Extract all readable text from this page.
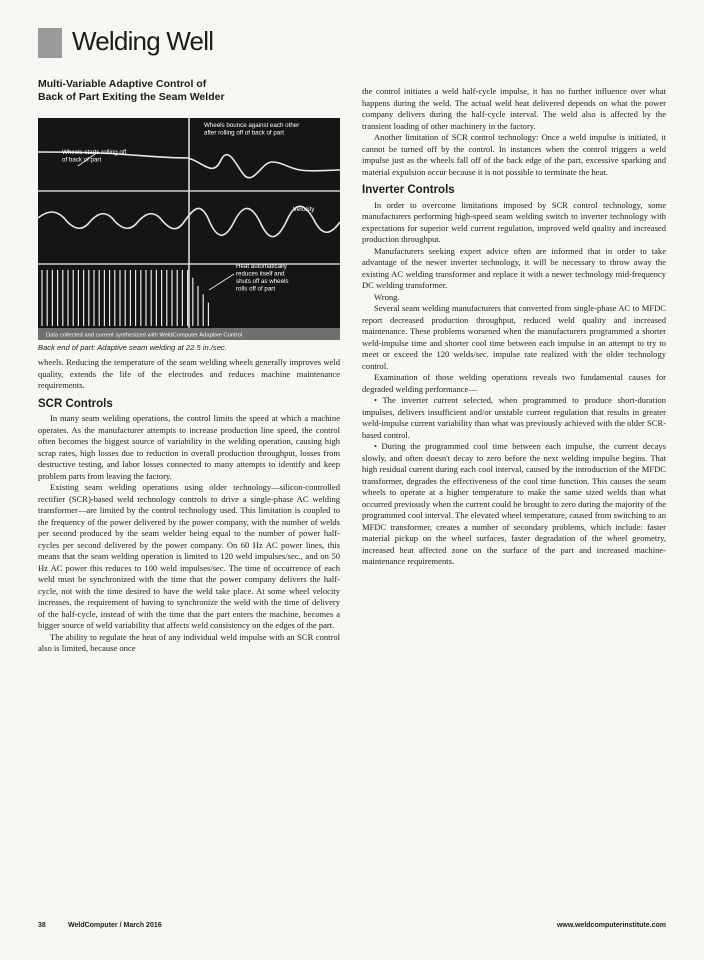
Welding Well
Multi-Variable Adaptive Control of
Back of Part Exiting the Seam Welder
Wheels starts rolling off of back of part
Wheels bounce against each other after rolling off of back of part
Velocity
Heat automatically reduces itself and shuts off as wheels rolls off of part
Data collected and current synthesized with WeldComputer Adaptive Control
Back end of part: Adaptive seam welding at 22.5 in./sec.

wheels. Reducing the temperature of the seam welding wheels generally improves weld quality, extends the life of the electrodes and reduces machine maintenance requirements.

SCR Controls

In many seam welding operations, the control limits the speed at which a machine operates. As the manufacturer attempts to increase production line speed, the control often becomes the biggest source of variability in the welding operation, causing high scrap rates, high losses due to reduction in overall production throughput, losses from destructive testing, and labor losses connected to many attempts to identify and keep problem parts from leaving the factory.

Existing seam welding operations using older technology—silicon-controlled rectifier (SCR)-based weld technology controls to drive a single-phase AC welding transformer—are limited by the control technology used. This limitation is coupled to the frequency of the power delivered by the power company, with the number of welds per second produced by the seam welder being equal to the number of power half-cycles per second delivered by the power company. On 60 Hz AC power lines, this means that the seam welding operation is limited to 120 weld impulses/sec., and on 50 Hz AC power this reduces to 100 weld impulses/sec. The time of occurrence of each weld must be synchronized with the time that the power company delivers the half-cycle, not with the time desired to have the weld take place. At some wheel velocity increases, the requirement of having to synchronize the weld with the time of delivery of the half-cycle, instead of with the time that the part enters the machine, becomes a bigger source of weld variability that affects weld consistency on the edges of the part.

The ability to regulate the heat of any individual weld impulse with an SCR control also is limited, because once

the control initiates a weld half-cycle impulse, it has no further influence over what happens during the weld. The actual weld heat delivered depends on what the power company delivers during the half-cycle interval. The weld also is affected by the transient loading of other machinery in the factory.

Another limitation of SCR control technology: Once a weld impulse is initiated, it cannot be turned off by the control. In instances when the control triggers a weld impulse just as the wheels fall off of the back edge of the part, excessive sparking and material expulsion occur because it is not possible to terminate the heat.

Inverter Controls

In order to overcome limitations imposed by SCR control technology, some manufacturers performing high-speed seam welding switch to inverter technology with expectations for superior weld current regulation, improved weld quality and increased production throughput.

Manufacturers seeking expert advice often are informed that in order to take advantage of the newer inverter technology, it will be necessary to throw away the existing AC welding transformer and replace it with a newer technology mid-frequency DC welding transformer.

Wrong.

Several seam welding manufacturers that converted from single-phase AC to MFDC report decreased production throughput, reduced weld quality and increased maintenance. These problems worsened when the manufacturers programmed a shorter weld-impulse time and shorter cool time between each impulse in an attempt to try to meet or exceed the 120 welds/sec. impulse rate realized with the older technology control.

Examination of those welding operations reveals two fundamental causes for degraded welding performance—

• The inverter current selected, when programmed to produce short-duration impulses, delivers insufficient and/or unstable current regulation that results in greater weld-impulse current variability than what was previously achieved with the older SCR-based control.

• During the programmed cool time between each impulse, the current decays slowly, and often doesn't decay to zero before the next welding impulse begins. That high residual current during each cool interval, caused by the introduction of the MFDC transformer, degrades the effectiveness of the cool time function. This causes the seam wheels to operate at a higher temperature to make the same sized welds than what occurred previously when the current could be brought to zero during the majority of the programmed cool interval. The elevated wheel temperature, caused from switching to an MFDC transformer, creates a number of secondary problems, which include: faster material pickup on the wheel surfaces, faster degradation of the wheel geometry, increased heat affected zone on the surface of the part and increased machine-maintenance requirements.

38	WeldComputer / March 2016	www.weldcomputerinstitute.com
